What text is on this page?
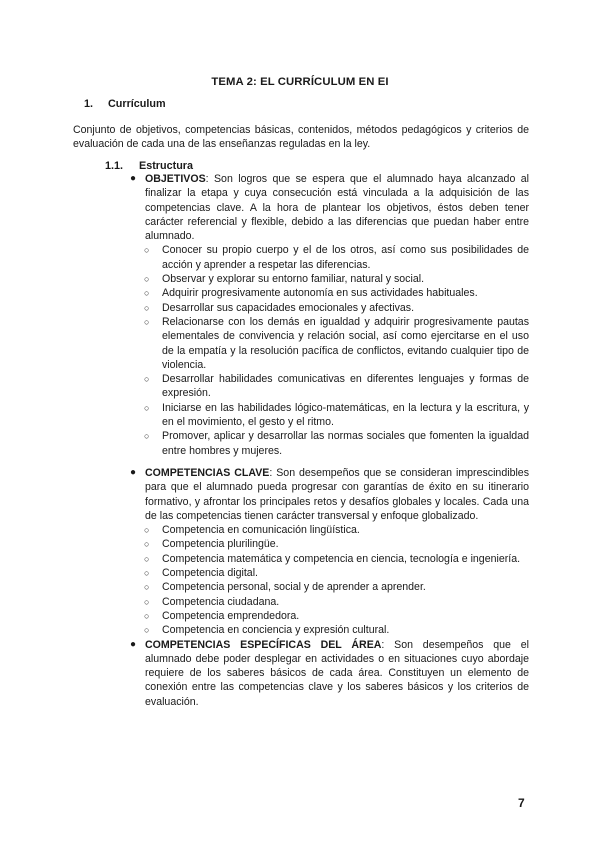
TEMA 2: EL CURRÍCULUM EN EI
1. Currículum
Conjunto de objetivos, competencias básicas, contenidos, métodos pedagógicos y criterios de evaluación de cada una de las enseñanzas reguladas en la ley.
1.1. Estructura
● OBJETIVOS: Son logros que se espera que el alumnado haya alcanzado al finalizar la etapa y cuya consecución está vinculada a la adquisición de las competencias clave. A la hora de plantear los objetivos, éstos deben tener carácter referencial y flexible, debido a las diferencias que puedan haber entre alumnado.
○ Conocer su propio cuerpo y el de los otros, así como sus posibilidades de acción y aprender a respetar las diferencias.
○ Observar y explorar su entorno familiar, natural y social.
○ Adquirir progresivamente autonomía en sus actividades habituales.
○ Desarrollar sus capacidades emocionales y afectivas.
○ Relacionarse con los demás en igualdad y adquirir progresivamente pautas elementales de convivencia y relación social, así como ejercitarse en el uso de la empatía y la resolución pacífica de conflictos, evitando cualquier tipo de violencia.
○ Desarrollar habilidades comunicativas en diferentes lenguajes y formas de expresión.
○ Iniciarse en las habilidades lógico-matemáticas, en la lectura y la escritura, y en el movimiento, el gesto y el ritmo.
○ Promover, aplicar y desarrollar las normas sociales que fomenten la igualdad entre hombres y mujeres.
● COMPETENCIAS CLAVE: Son desempeños que se consideran imprescindibles para que el alumnado pueda progresar con garantías de éxito en su itinerario formativo, y afrontar los principales retos y desafíos globales y locales. Cada una de las competencias tienen carácter transversal y enfoque globalizado.
○ Competencia en comunicación lingüística.
○ Competencia plurilingüe.
○ Competencia matemática y competencia en ciencia, tecnología e ingeniería.
○ Competencia digital.
○ Competencia personal, social y de aprender a aprender.
○ Competencia ciudadana.
○ Competencia emprendedora.
○ Competencia en conciencia y expresión cultural.
● COMPETENCIAS ESPECÍFICAS DEL ÁREA: Son desempeños que el alumnado debe poder desplegar en actividades o en situaciones cuyo abordaje requiere de los saberes básicos de cada área. Constituyen un elemento de conexión entre las competencias clave y los saberes básicos y los criterios de evaluación.
7
